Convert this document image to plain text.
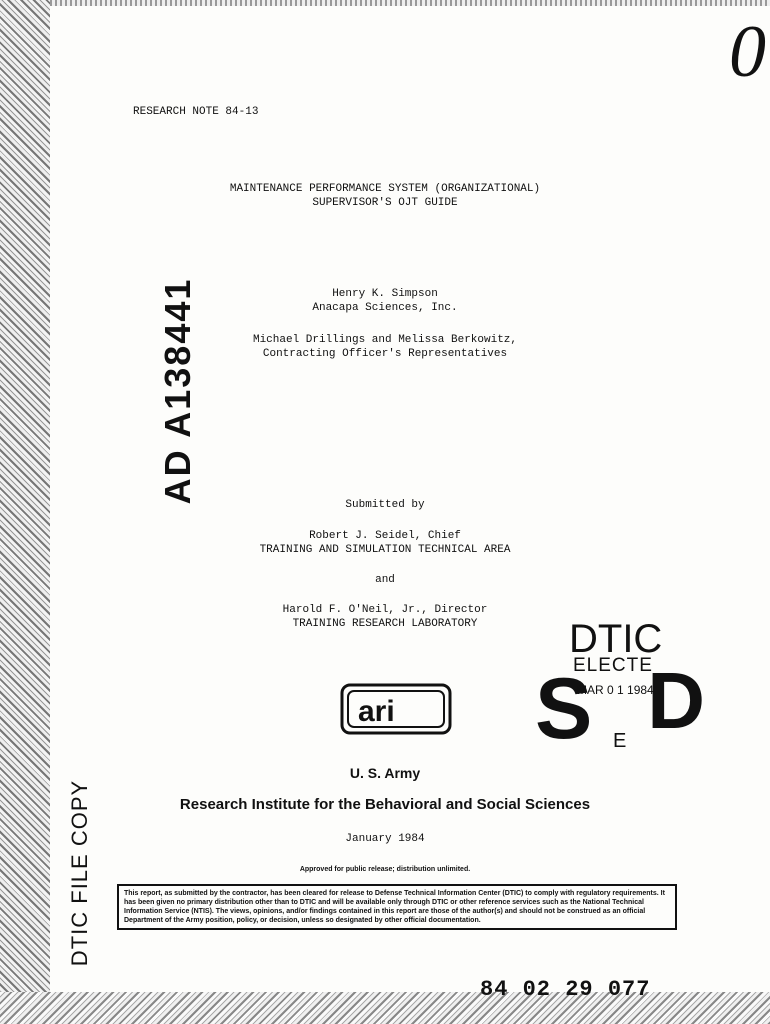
0
RESEARCH NOTE 84-13
MAINTENANCE PERFORMANCE SYSTEM (ORGANIZATIONAL)
SUPERVISOR'S OJT GUIDE
AD A138441	Henry K. Simpson
Anacapa Sciences, Inc.
Michael Drillings and Melissa Berkowitz,
Contracting Officer's Representatives
Submitted by
Robert J. Seidel, Chief
TRAINING AND SIMULATION TECHNICAL AREA
and
Harold F. O'Neil, Jr., Director
TRAINING RESEARCH LABORATORY	DTIC
S D
ELECTE
MAR 0 1 1984
E
ari
U. S. Army
Research Institute for the Behavioral and Social Sciences
January 1984
Approved for public release; distribution unlimited.
This report, as submitted by the contractor, has been cleared for release to Defense Technical Information Center (DTIC) to comply with regulatory requirements. It has been given no primary distribution other than to DTIC and will be available only through DTIC or other reference services such as the National Technical Information Service (NTIS). The views, opinions, and/or findings contained in this report are those of the author(s) and should not be construed as an official Department of the Army position, policy, or decision, unless so designated by other official documentation.
DTIC FILE COPY
84 02 29 077
